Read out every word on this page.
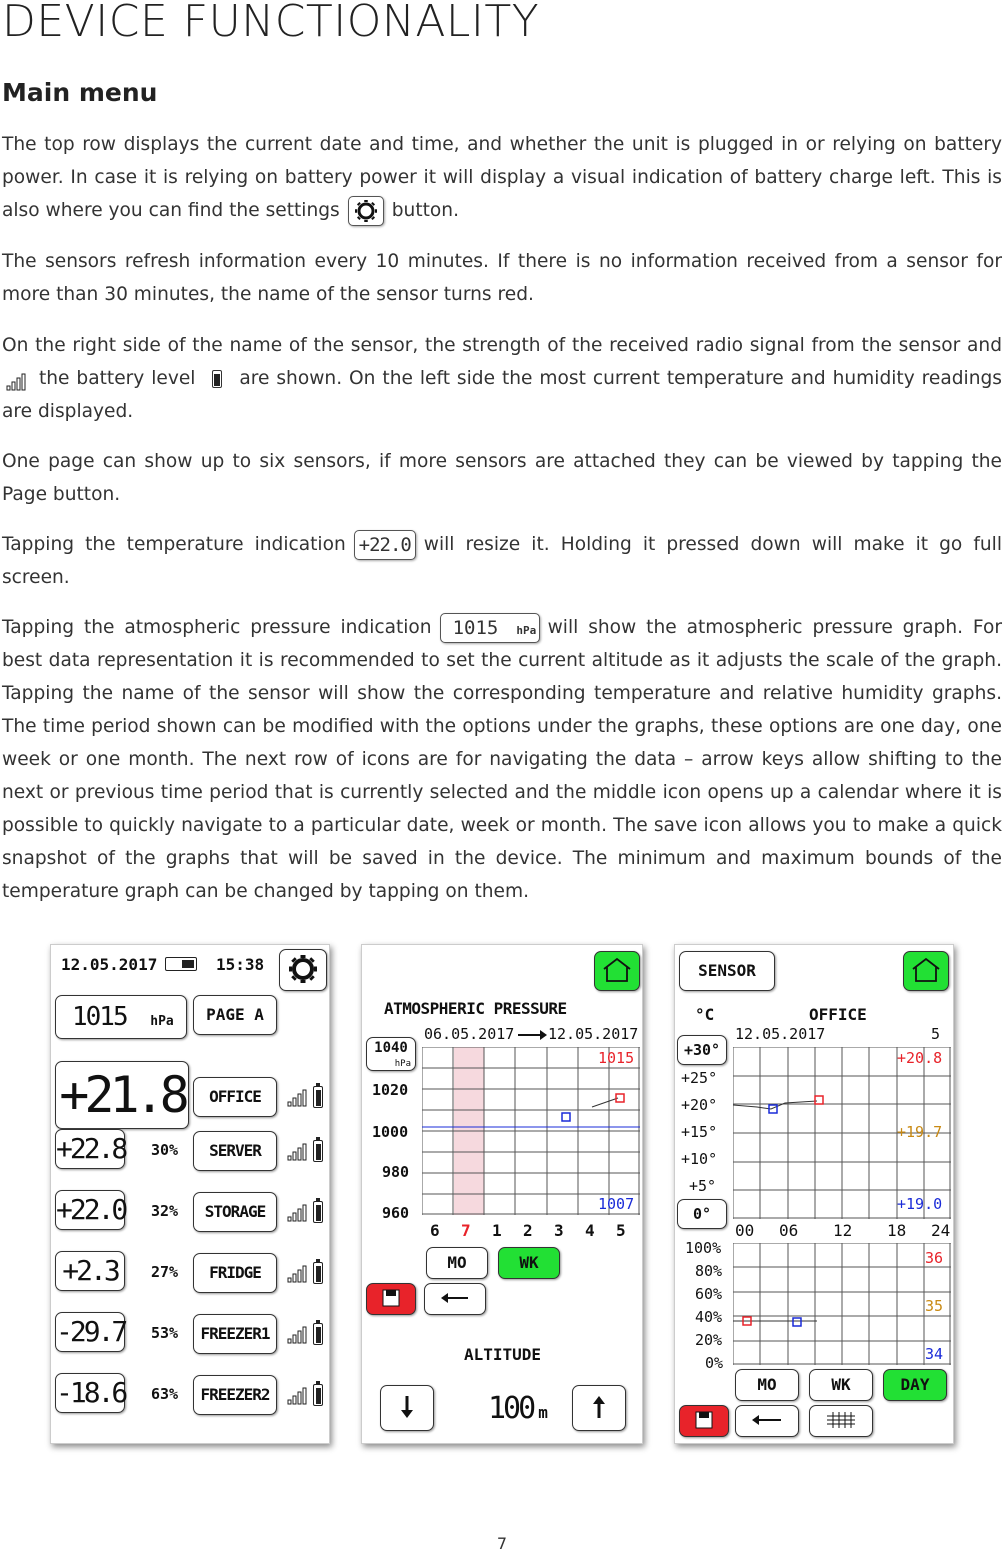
DEVICE FUNCTIONALITY
Main menu
The top row displays the current date and time, and whether the unit is plugged in or relying on battery power. In case it is relying on battery power it will display a visual indication of battery charge left. This is also where you can find the settings	button.
The sensors refresh information every 10 minutes. If there is no information received from a sensor for more than 30 minutes, the name of the sensor turns red.
On the right side of the name of the sensor, the strength of the received radio signal from the sensor and  the battery level are shown. On the left side the most current temperature and humidity readings are displayed.
One page can show up to six sensors, if more sensors are attached they can be viewed by tapping the Page button.
Tapping the temperature indication +22.0 will resize it. Holding it pressed down will make it go full screen.
Tapping the atmospheric pressure indication 1015 hPa will show the atmospheric pressure graph. For best data representation it is recommended to set the current altitude as it adjusts the scale of the graph. Tapping the name of the sensor will show the corresponding temperature and relative humidity graphs. The time period shown can be modified with the options under the graphs, these options are one day, one week or one month. The next row of icons are for navigating the data – arrow keys allow shifting to the next or previous time period that is currently selected and the middle icon opens up a calendar where it is possible to quickly navigate to a particular date, week or month. The save icon allows you to make a quick snapshot of the graphs that will be saved in the device. The minimum and maximum bounds of the temperature graph can be changed by tapping on them.
12.05.2017	15:38
1015 hPa	PAGE A
+21.8	OFFICE
+22.8 30%	SERVER
+22.0 32%	STORAGE
+2.3	27%	FRIDGE
-29.7 53%	FREEZER1
-18.6 63%	FREEZER2
ATMOSPHERIC PRESSURE
06.05.2017 12.05.2017
1040
hPa
1020
1000
980
960
1015
1007
6 7 1 2 3 4 5
MO	WK
ALTITUDE
100 m
SENSOR
°C	OFFICE
12.05.2017	5
+30°
+25°
+20°
+15°
+10°
+5°
0°
+20.8
+19.7
+19.0
00 06 12 18 24
100%
80%
60%
40%
20%
0%
36
35
34
MO	WK	DAY
7
